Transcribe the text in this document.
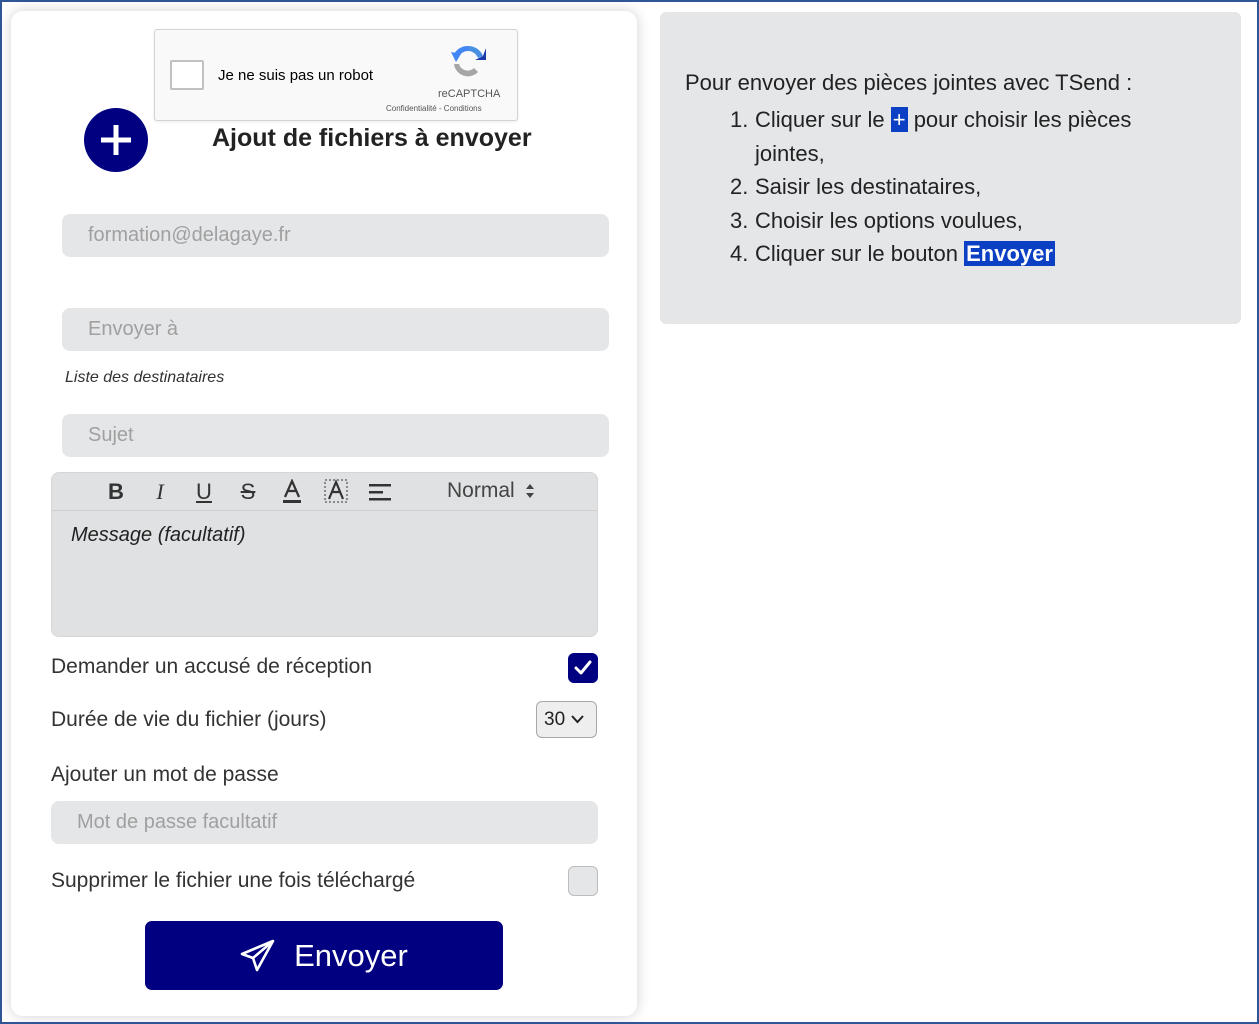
Je ne suis pas un robot
reCAPTCHA
Confidentialité - Conditions
Ajout de fichiers à envoyer
formation@delagaye.fr
Envoyer à
Liste des destinataires
Sujet
B	I	U	S	Normal
Message (facultatif)
Demander un accusé de réception
Durée de vie du fichier (jours)	30
Ajouter un mot de passe
Mot de passe facultatif
Supprimer le fichier une fois téléchargé
Envoyer
Pour envoyer des pièces jointes avec TSend :
1. Cliquer sur le + pour choisir les pièces jointes,
2. Saisir les destinataires,
3. Choisir les options voulues,
4. Cliquer sur le bouton Envoyer
